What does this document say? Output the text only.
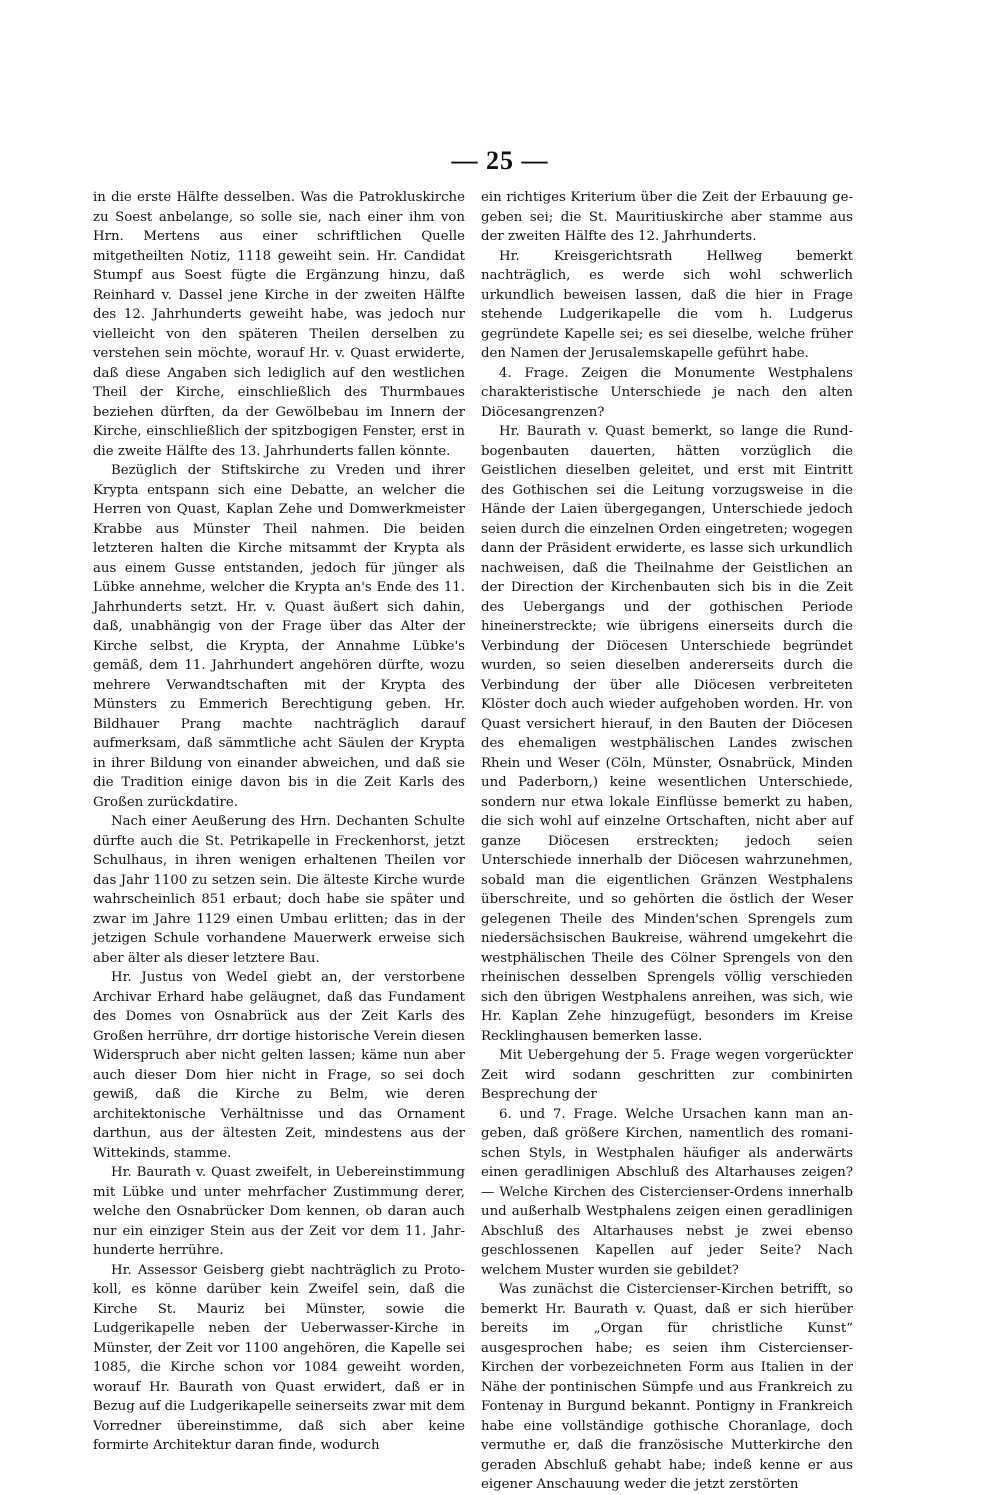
— 25 —

in die erste Hälfte desselben. Was die Patrokluskirche zu Soest anbelange, so solle sie, nach einer ihm von Hrn. Mertens aus einer schriftlichen Quelle mitgetheilten Notiz, 1118 geweiht sein. Hr. Candidat Stumpf aus Soest fügte die Ergänzung hinzu, daß Reinhard v. Dassel jene Kirche in der zweiten Hälfte des 12. Jahrhunderts geweiht habe, was jedoch nur vielleicht von den späteren Theilen derselben zu verstehen sein möchte, worauf Hr. v. Quast erwiderte, daß diese Angaben sich lediglich auf den westlichen Theil der Kirche, einschließlich des Thurmbaues beziehen dürften, da der Gewölbebau im Innern der Kirche, einschließlich der spitzbogigen Fenster, erst in die zweite Hälfte des 13. Jahrhunderts fallen könnte.

Bezüglich der Stiftskirche zu Vreden und ihrer Krypta entspann sich eine Debatte, an welcher die Herren von Quast, Kaplan Zehe und Domwerkmeister Krabbe aus Münster Theil nahmen. Die beiden letzteren halten die Kirche mitsammt der Krypta als aus einem Gusse entstanden, jedoch für jünger als Lübke annehme, welcher die Krypta an's Ende des 11. Jahrhunderts setzt. Hr. v. Quast äußert sich dahin, daß, unabhängig von der Frage über das Alter der Kirche selbst, die Krypta, der Annahme Lübke's gemäß, dem 11. Jahrhundert angehören dürfte, wozu mehrere Verwandtschaften mit der Krypta des Münsters zu Emmerich Berechtigung geben. Hr. Bildhauer Prang machte nachträglich darauf aufmerksam, daß sämmtliche acht Säulen der Krypta in ihrer Bildung von einander abweichen, und daß sie die Tradition einige davon bis in die Zeit Karls des Großen zurückdatire.

Nach einer Aeußerung des Hrn. Dechanten Schulte dürfte auch die St. Petrikapelle in Freckenhorst, jetzt Schulhaus, in ihren wenigen erhaltenen Theilen vor das Jahr 1100 zu setzen sein. Die älteste Kirche wurde wahrscheinlich 851 erbaut; doch habe sie später und zwar im Jahre 1129 einen Umbau erlitten; das in der jetzigen Schule vorhandene Mauerwerk erweise sich aber älter als dieser letztere Bau.

Hr. Justus von Wedel giebt an, der verstorbene Archivar Erhard habe geläugnet, daß das Fundament des Domes von Osnabrück aus der Zeit Karls des Großen herrühre, drr dortige historische Verein diesen Widerspruch aber nicht gelten lassen; käme nun aber auch dieser Dom hier nicht in Frage, so sei doch gewiß, daß die Kirche zu Belm, wie deren architektonische Verhältnisse und das Ornament darthun, aus der ältesten Zeit, mindestens aus der Wittekinds, stamme.

Hr. Baurath v. Quast zweifelt, in Uebereinstimmung mit Lübke und unter mehrfacher Zustimmung derer, welche den Osnabrücker Dom kennen, ob daran auch nur ein einziger Stein aus der Zeit vor dem 11. Jahrhunderte herrühre.

Hr. Assessor Geisberg giebt nachträglich zu Protokoll, es könne darüber kein Zweifel sein, daß die Kirche St. Mauriz bei Münster, sowie die Ludgerikapelle neben der Ueberwasser-Kirche in Münster, der Zeit vor 1100 angehören, die Kapelle sei 1085, die Kirche schon vor 1084 geweiht worden, worauf Hr. Baurath von Quast erwidert, daß er in Bezug auf die Ludgerikapelle seinerseits zwar mit dem Vorredner übereinstimme, daß sich aber keine formirte Architektur daran finde, wodurch

ein richtiges Kriterium über die Zeit der Erbauung gegeben sei; die St. Mauritiuskirche aber stamme aus der zweiten Hälfte des 12. Jahrhunderts.

Hr. Kreisgerichtsrath Hellweg bemerkt nachträglich, es werde sich wohl schwerlich urkundlich beweisen lassen, daß die hier in Frage stehende Ludgerikapelle die vom h. Ludgerus gegründete Kapelle sei; es sei dieselbe, welche früher den Namen der Jerusalemskapelle geführt habe.

4. Frage. Zeigen die Monumente Westphalens charakteristische Unterschiede je nach den alten Diöcesangrenzen?

Hr. Baurath v. Quast bemerkt, so lange die Rundbogenbauten dauerten, hätten vorzüglich die Geistlichen dieselben geleitet, und erst mit Eintritt des Gothischen sei die Leitung vorzugsweise in die Hände der Laien übergegangen, Unterschiede jedoch seien durch die einzelnen Orden eingetreten; wogegen dann der Präsident erwiderte, es lasse sich urkundlich nachweisen, daß die Theilnahme der Geistlichen an der Direction der Kirchenbauten sich bis in die Zeit des Uebergangs und der gothischen Periode hineinerstreckte; wie übrigens einerseits durch die Verbindung der Diöcesen Unterschiede begründet wurden, so seien dieselben andererseits durch die Verbindung der über alle Diöcesen verbreiteten Klöster doch auch wieder aufgehoben worden. Hr. von Quast versichert hierauf, in den Bauten der Diöcesen des ehemaligen westphälischen Landes zwischen Rhein und Weser (Cöln, Münster, Osnabrück, Minden und Paderborn,) keine wesentlichen Unterschiede, sondern nur etwa lokale Einflüsse bemerkt zu haben, die sich wohl auf einzelne Ortschaften, nicht aber auf ganze Diöcesen erstreckten; jedoch seien Unterschiede innerhalb der Diöcesen wahrzunehmen, sobald man die eigentlichen Gränzen Westphalens überschreite, und so gehörten die östlich der Weser gelegenen Theile des Minden'schen Sprengels zum niedersächsischen Baukreise, während umgekehrt die westphälischen Theile des Cölner Sprengels von den rheinischen desselben Sprengels völlig verschieden sich den übrigen Westphalens anreihen, was sich, wie Hr. Kaplan Zehe hinzugefügt, besonders im Kreise Recklinghausen bemerken lasse.

Mit Uebergehung der 5. Frage wegen vorgerückter Zeit wird sodann geschritten zur combinirten Besprechung der

6. und 7. Frage. Welche Ursachen kann man angeben, daß größere Kirchen, namentlich des romanischen Styls, in Westphalen häufiger als anderwärts einen geradlinigen Abschluß des Altarhauses zeigen? — Welche Kirchen des Cistercienser-Ordens innerhalb und außerhalb Westphalens zeigen einen geradlinigen Abschluß des Altarhauses nebst je zwei ebenso geschlossenen Kapellen auf jeder Seite? Nach welchem Muster wurden sie gebildet?

Was zunächst die Cistercienser-Kirchen betrifft, so bemerkt Hr. Baurath v. Quast, daß er sich hierüber bereits im „Organ für christliche Kunst“ ausgesprochen habe; es seien ihm Cistercienser-Kirchen der vorbezeichneten Form aus Italien in der Nähe der pontinischen Sümpfe und aus Frankreich zu Fontenay in Burgund bekannt. Pontigny in Frankreich habe eine vollständige gothische Choranlage, doch vermuthe er, daß die französische Mutterkirche den geraden Abschluß gehabt habe; indeß kenne er aus eigener Anschauung weder die jetzt zerstörten
